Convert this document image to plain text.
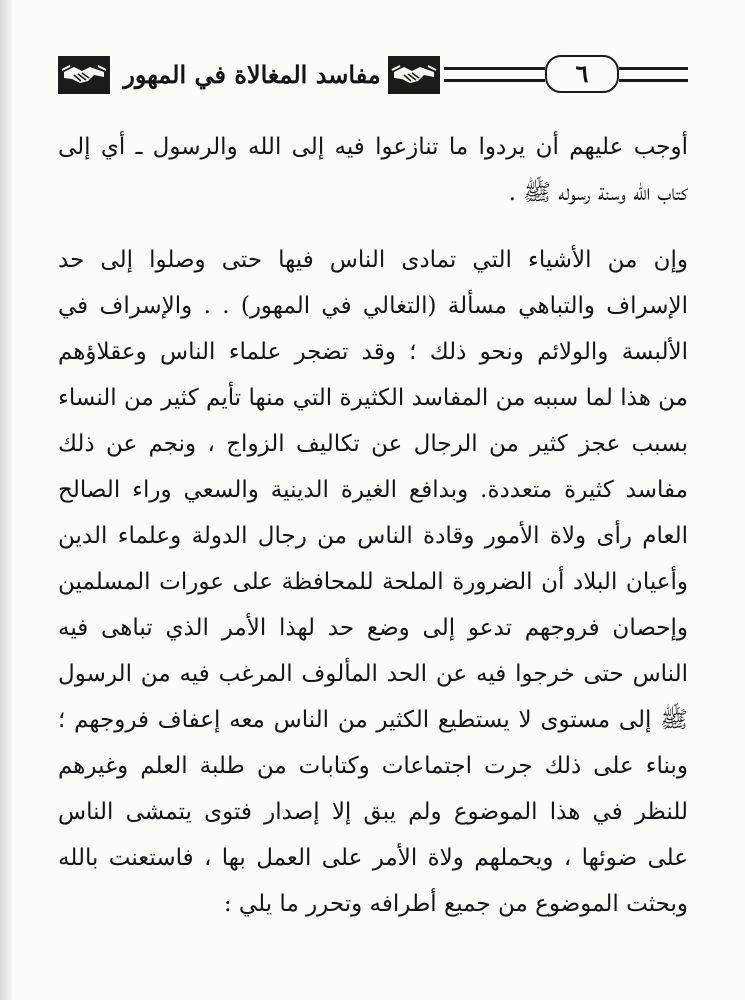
مفاسد المغالاة في المهور	٦
أوجب عليهم أن يردوا ما تنازعوا فيه إلى الله والرسول ـ أي إلى
كتاب الله وسنة رسوله ﷺ .
وإن من الأشياء التي تمادى الناس فيها حتى وصلوا إلى حد
الإسراف والتباهي مسألة (التغالي في المهور) . . والإسراف في
الألبسة والولائم ونحو ذلك ؛ وقد تضجر علماء الناس وعقلاؤهم
من هذا لما سببه من المفاسد الكثيرة التي منها تأيم كثير من النساء
بسبب عجز كثير من الرجال عن تكاليف الزواج ، ونجم عن ذلك
مفاسد كثيرة متعددة. وبدافع الغيرة الدينية والسعي وراء الصالح
العام رأى ولاة الأمور وقادة الناس من رجال الدولة وعلماء الدين
وأعيان البلاد أن الضرورة الملحة للمحافظة على عورات المسلمين
وإحصان فروجهم تدعو إلى وضع حد لهذا الأمر الذي تباهى فيه
الناس حتى خرجوا فيه عن الحد المألوف المرغب فيه من الرسول
ﷺ إلى مستوى لا يستطيع الكثير من الناس معه إعفاف فروجهم ؛
وبناء على ذلك جرت اجتماعات وكتابات من طلبة العلم وغيرهم
للنظر في هذا الموضوع ولم يبق إلا إصدار فتوى يتمشى الناس
على ضوئها ، ويحملهم ولاة الأمر على العمل بها ، فاستعنت بالله
وبحثت الموضوع من جميع أطرافه وتحرر ما يلي :
